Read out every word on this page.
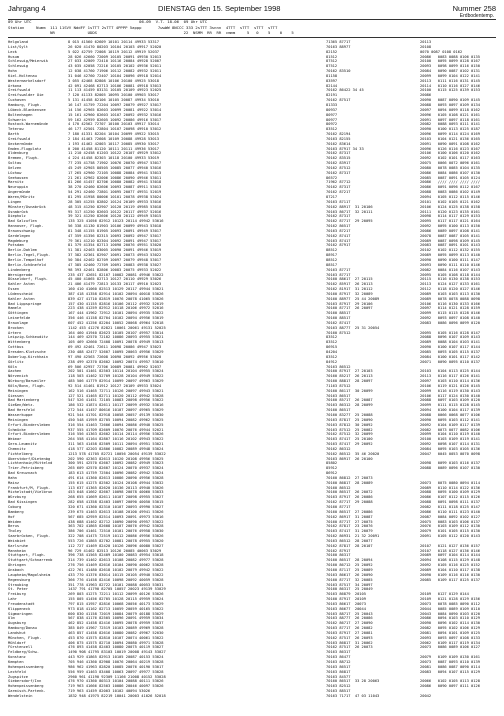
Jahrgang 4	DIENSTAG den 15. September 1998	Nummer 258
Erdbodentemp.

09 Uhr UTC                                              06-09  V.T. 18-06  09 Uhr UTC

Station     Numm  111 11SVV NddFF 1sTTT 2sTTT 4PPPP 5appp       7wwWW 8NCCC 333 2sTTT 3snnn  4TTT  sTTT  sTTT  sTTT

NR              UDDS                                     22  NSMM  RR  RR  cmmm     5   0    5    0    5

Helgoland	8 015 41560 62609 10101 20114 49933 53317	71365 87717	20113
List/Sylt	26 020 41470 80203 10104 20103 49917 52020	70163 88977	20108
Leck	5 022 42759 72008 10119 20112 49919 52037	82152	0070 0087 0108 0162
Husum	28 026 42660 72009 10105 20091 49930 52013	81512	20086   0083 0088 0106 0135
Schleswig/Meierwik	27 033 42009 72410 10116 20084 49928 52007	87512	20100   0095 0099 0128 0167
Schleswig	43 035 42058 72216 10105 20102 49936 52011	87512	20093   0098 0099 0116 0150
Hohn	12 038 41760 71906 10112 20082 49932 52011	70162 83510	20084   0090 0087 0102 0131
Kiel-Holtenau	31 046 42760 72407 10104 20096 49918 52014	81158	20099   0099 0104 0122 0141
Westermarkelsdorf	3 055 42468 82808 10106 20100 49925 53018	83597	20113   0111 0116 0131 0145
Arkona	42 091 42468 62713 10106 20081 49918 53013	82144	20114   0110 0116 0127 0146
Greifswald	11 113 41459 83131 10105 20109 49923 52025	70162 86422 34 45	20100   0115 0125 0139 0153
Greifswalder Oie	7 120 41133 82005 10095 20100 49903 53017	82191	20086
Cuxhaven	5 131 41458 82106 10105 20087 49934 53010	70162 87517	20090   0087 0090 0109 0145
Hamburg, Flugh.	16 147 41759 72204 10097 20079 49927 53017	81333	20088   0093 0097 0109 0134
Lübeck-Blankensee	14 156 42965 82603 10099 20081 49922 53014	80937	20097   0094 0099 0118 0162
Boltenhagen	15 161 42960 82603 10107 20092 49932 53016	80977	20096   0105 0108 0121 0161
Schwerin	59 162 42959 82605 10092 20086 49916 53017	80977	20091   0097 0097 0118 0161
Rostock-Warnemünde	4 170 42562 72707 10100 20103 49917 53014	80972	20082   0088 0093 0111 0141
Teterow	46 177 42501 72804 10107 20098 49910 53012	83512	20090   0100 0113 0125 0187
Barth	7 180 41331 82204 10104 20099 49922 53015	70162 82194	20096   0099 0114 0124 0169
Greifswald	2 184 41463 72608 10109 20088 49928 53013	70163 82155	20103   0104 0121 0136 0165
Ueckermünde	1 193 41462 42003 10117 20085 49930 53017	70162 83614	20091   0090 0091 0108 0162
Emden-Flugplatz	0 200 41458 81120 10111 20111 49936 53017	70163 87917 34 33	20096   0126 0116 0123 0167
Oldenburg	11 210 42458 61203 10122 20107 49929 53012	70162 87317	20106   0100 0106 0120 0162
Bremen, Flugh.	4 224 41458 82303 10118 20100 49933 53019	70162 83515	20092   0102 0101 0117 0163
Soltau	77 235 41758 71902 10076 20070 49947 53017	70162 83917	20075   0066 0072 0096 0161
Uelzen	45 249 42903 80505 10085 20077 49940 53016	70162 87512	20080   0078 0085 0104 0135
Lüchow	17 265 42960 72105 10088 20084 49941 53013	70162 87317	20086   0084 0086 0107 0130
Seehausen	21 261 42962 82006 10086 20090 49946 53011	86572	20085   0087 0091 0105 0124
Marnitz	81 266 41457 82706 10080 20082 49941 53018	71962 87712	20086   //// //// //// ////
Neuruppin	38 270 42460 82606 10093 20087 49911 53013	70162 87317	20086   0091 0096 0112 0167
Angermünde	54 291 42460 72801 10095 20077 49931 52019	70162 87217	20088   0083 0086 0102 0149
Waren/Müritz	81 295 41958 80006 10101 20078 49938 53024	87217	20094   0105 0112 0115 0146
Lingen	28 305 41255 82802 10124 20109 49933 53016	70163 87117	20101   0102 0105 0121 0162
Münster/Osnabrück	48 315 41250 82907 10120 20119 49985 53018	70162 88917  31 20106	20106   0124 0125 0138 0158
Osnabrück	95 317 41250 82603 10122 20117 49937 52016	70163 86717  32 20111	20111   0120 0123 0135 0161
Diepholz	39 321 41250 82606 10120 20112 49949 53015	70162 87317	20098   0114 0117 0129 0153
Bad Salzuflen	135 325 41056 82912 10123 20114 49942 53016	70162 87717  29 20095	20095   0117 0117 0121 0164
Hannover, Flugh.	56 338 41130 81903 10106 20099 49943 53018	70162 86517	20092   0095 0100 0113 0150
Braunschweig	81 348 41155 81905 10093 20091 49949 53017	70163 87217	20086   0089 0097 0108 0141
Gardelegen	47 359 41356 82315 10093 20092 49947 53017	70162 87417	20078   0087 0087 0105 0141
Magdeburg	79 361 41210 82304 10092 20091 49947 53017	70163 87417	20089   0087 0098 0109 0145
Potsdam	81 379 41354 82713 10090 20076 49951 53020	70162 87917	20083   0087 0091 0101 0143
Berlin-Dahlem	51 381 42463 83005 10090 20091 49946 53019	88512	20102   0102 0112 0132 0155
Berlin-Tegel,Flugh.	37 382 42361 82907 10091 20073 49943 53022	88917	20089   0095 0099 0113 0140
Berlin-Tempelhof	50 384 42462 82709 10097 20079 49948 53017	88512	20090   0090 0100 0111 0147
Berlin-Schönefeld	47 385 42460 72709 10091 20083 49938 53027	88517	20093   0090 0111 0110 0146
Lindenberg	98 393 42461 82806 10083 20075 49933 52022	70163 87717	20082   0084 0116 0107 0143
Wernigerode	235 437 42651 82107 10082 20081 49946 53022	70163 87717	20095   0105 0108 0118 0144
Düsseldorf, Flugh.	45 400 41065 82713 10127 20110 49929 53026	70160 88617  27 20115	20115   0116 0130 0138 0153
Kahler Asten	21 406 41479 72813 10133 20117 49910 52023	70162 85917  26 20113	20113   0124 0127 0133 0161
Essen	160 410 41060 82513 10129 20117 49944 53021	70162 81917  31 20112	20112   0118 0120 0127 0146
Lüdenscheid	387 418 41358 82914 10102 20094 40018 53026	70160 87917  32 20089	20089   0103 0103 0113 0130
Kahler Asten	839 427 41710 82819 10076 20078 41065 53026	70160 88977  25 44 20089	20089   0078 0078 0088 0098
Bad Lippspringe	157 430 41155 82816 10106 20112 49932 52019	70163 87917  29 20106	20106   0116 0130 0133 0166
Hameln	223 438 41259 82912 10118 20106 49972 52016	70160 87717  26 20097	20097   0114 0121 0128 0159
Göttingen	167 444 41962 72912 10101 20094 49935 53022	70160 88517	20099   0115 0115 0128 0146
Leinefelde	356 446 41158 82704 10102 20094 49956 53019	70160 88517	20092   0093 0097 0108 0140
Braunlage	607 452 41256 82204 10052 20068 49964 52018	70162 87417	20083   0086 0096 0099 0120
Brocken	1142 453 41276 82821 10061 20061 49131 52025	70163 88777  25 31 20054
Artern	164 460 41940 82623 10105 20107 49957 53014	70160 87512	20095   0105 0116 0128 0147
Leipzig-Schkeuditz	144 469 42570 72102 10086 20093 49955 53021	83512	20088   0096 0107 0109 0143
Wittenberg	105 469 42660 72408 10091 20078 49949 53013	83512	20089   0088 0104 0103 0141
Cottbus	69 492 42461 72611 10098 20086 49947 53023	86915	20090   0100 0107 0117 0144
Dresden-Klotzsche	230 488 42477 52607 10095 20063 49956 53029	84204	20085   0093 0105 0115 0137
Doberlug-Kirchhain	97 490 42563 72608 10090 20092 49956 53020	83512	20084   0100 0101 0117 0142
Görlitz	238 499 42370 82602 10092 20074 49957 53010	84912	20071   0090 0095 0110 0137
Köln	69 506 42957 72706 10089 20081 49962 52037	70163 86512
Aachen	202 501 41461 82503 10114 20104 49955 53024	70160 87917  27 20103	20103   0104 0113 0125 0144
Nörvenich	118 503 41462 52709 10128 20104 49949 53022	70160 85217  26 20113	20113   0116 0117 0126 0141
Nürburg/Barweiler	485 506 41779 82914 10099 20097 49963 53029	70160 88817  28 20097	20097   0103 0110 0114 0136
Köln/Bonn, Flugh.	92 514 41461 81912 10127 20109 49933 53024	71163 87512	20106   0119 0121 0126 0145
Meiningen	162 516 41465 72711 10126 20097 49943 53021	70160 86117  30 20099	20099   0116 0119 0130 0143
Giessen	127 521 41465 82711 10120 20112 49942 53028	70163 86517	20106   0117 0124 0130 0140
Bad Marienberg	547 526 41451 72105 10083 20098 49956 53022	70160 85717  26 20087	20088   0097 0103 0109 0120
Gießen/Wetz.	186 532 41874 82611 10117 20099 49932 53016	70163 86312  28 20099	20099   0111 0115 0128 0145
Bad Hersfeld	272 544 41457 80616 10107 20097 49965 53029	70160 86517	20094   0100 0104 0117 0139
Wasserkuppe	921 544 41701 82918 10058 20057 49139 53030	70160 83277  25 20088	20088   0066 0068 0077 0106
Meiningen	450 548 41959 82705 10094 20082 49962 53025	70163 87817  25 20090	20090   0095 0103 0112 0141
Erfurt-Bindersleben	316 554 41463 72606 10094 20086 49940 53025	70163 87812  30 20092	20092   0104 0109 0117 0139
Schmücke	937 555 41709 82609 10076 20076 49944 52021	70163 87512  25 20082	20082   0073 0077 0082 0106
Erfurt-Bindersleben	316 556 41363 82602 10114 20114 49956 53026	70162 87512  32 20099	20099   0104 0110 0119 0140
Weimar	264 558 41164 82807 10116 20102 49943 53022	70163 87417  25 20100	20100   0103 0109 0119 0141
Gera-Leumnitz	311 563 41458 82509 10111 20094 49951 53021	70163 87417  29 20092	20092   0098 0107 0114 0131
Chemnitz	418 577 42203 82806 10082 20089 49948 53024	70162 86312	20084   0095 0103 0105 0136
Fichtelberg	1213 578 41705 82721 10056 20054 49139 53022	70162 86512  35 46 20020	20047   0045 0053 0070 0098
Oberstdorf/Dietenbg	202 590 42363 82613 10120 20108 49956 53025	70163 86917  26 20100
Lichtenhain/Mittelnd	300 591 42570 62607 10092 20082 49949 53023	85802	20098   0099 0103 0116 0137
Trier-Petrisberg	265 609 42570 82607 10124 20070 49937 53024	85912	20088   0089 0096 0107 0130
Bad Kreuznach	183 613 41759 72504 10096 20082 49942 53024	86912
Hahn	491 614 41360 82613 10086 20090 49956 53028	70160 86812  27 20073
Mainz	155 615 41275 82502 10124 20108 49944 53032	70160 86817  28 20089	20073   0075 0080 0094 0114
Frankfurt/M, Flugh.	113 637 41365 82620 10136 20113 49940 53026	70160 86512	20089   0110 0114 0122 0136
Michelstadt/Vielbrun	453 648 41662 82607 10098 20078 40060 53033	70160 86517  26 20072	20088   0095 0100 0109 0129
Würzburg	268 655 41669 82611 10107 20098 49955 53027	70163 87917  26 20086	20086   0107 0112 0115 0126
Bad Kissingen	282 658 41358 82403 10097 20090 40050 53015	70162 87717  29 20088	20088   0091 0098 0111 0137
Coburg	320 671 41360 82310 10107 20093 49990 53027	70160 87717	20082   0111 0118 0125 0147
Bamberg	239 675 41463 82613 10108 20100 49941 53026	70160 86517  27 20086	20086   0110 0111 0123 0140
Hof	567 685 42959 82514 10093 20091 49973 53016	70162 86917  31 20087	20087   0084 0092 0102 0127
Weiden	438 688 41462 82712 10090 20090 49957 53022	70160 87717  27 20075	20075   0083 0103 0106 0137
Berus	363 702 41865 82608 10107 20076 49942 53028	70162 87817  23 20076	20076   0103 0109 0112 0130
Tholey	386 706 41461 72510 10101 20076 49958 53030	70163 87417  31 20079	20079   0101 0105 0115 0130
Saarbrücken, Flugh.	322 708 41475 72519 10112 20086 49956 53026	70162 86931  21 32 20091	20091   0105 0112 0120 0143
Weinbiet	553 726 41865 82702 10081 20078 49955 53020	70163 86512  28 20077
Karlsruhe	112 727 41469 82420 10126 20096 40080 53027	70162 87817  28 20107	20107   0121 0127 0136 0157
Mannheim	96 729 41462 82513 10126 20085 40063 53029	70162 87917	20107   0118 0127 0136 0146
Stuttgart, Flugh.	396 738 41565 82409 10100 20083 49954 53018	70160 86317	20089   0097 0104 0114 0144
Stuttgart/Schnarrenb	314 739 41462 82613 10108 20082 49977 53028	70160 86517  28 20094	20094   0108 0115 0129 0148
Öhringen	276 756 41469 82616 10104 20090 40062 53028	70160 86712  25 20092	20092   0105 0116 0125 0152
Ansbach	422 761 41480 82618 10102 20079 49942 53022	70160 87117  25 20089	20089   0104 0110 0117 0138
Laupheim/Magolsheim	433 770 41376 83014 10115 20105 49940 53022	70163 86617  26 20090	20090   0109 0116 0116 0130
Regensburg	366 776 41458 82416 10098 20092 40059 53028	70160 87717  32 20085	20085   0109 0117 0125 0137
Straubing	351 778 41963 82722 10101 20088 40053 53031	70163 87517  34 20097
St. Peter	1437 791 41790 82705 10057 20023 49139 53029	70160 86317  25 20049
Freiburg	269 803 41275 72211 10112 20099 40126 53026	70163 86879  20105	20109   0127 0129 0144
Lahr	155 805 41456 82705 10128 20115 49959 53024	70160 87917  20109	20109   0121 0128 0129 0156
Freudenstadt	797 815 41957 82816 10068 20056 40173 53029	70163 86617  20073	20073   0078 0085 0090 0112
Klippeneck	973 818 41162 82713 10059 20059 40165 53022	70163 86677  20044	20044   0085 0089 0109 0110
Sigmaringen	600 830 41158 72019 10084 20079 40188 53029	70163 88717  25 20043	20043   0084 0090 0103 0120
Ulm	567 838 41176 82505 10096 20091 49959 53034	70163 88777  26 20086	20086   0094 0103 0110 0129
Augsburg	462 852 41458 82416 10095 20078 49959 53037	70162 86717  27 20090	20090   0096 0102 0114 0130
Hamburg/Donau	385 849 41967 72519 10103 20089 49969 53028	70163 87717  26 20082	20082   0095 0102 0106 0129
Landshut	463 857 41458 82616 10080 20082 49967 52030	70163 87917  27 20081	20081   0094 0101 0109 0125
München, Flugh.	453 870 41575 82810 10107 20074 40061 53022	70162 87517  26 20093	20093   0093 0097 0108 0133
Mühldorf	406 875 41575 82710 10094 20080 49971 53028	70163 86817  31 20062	20062   0109 0117 0119 0134
Fürstenzell	476 893 41458 82403 10080 20075 40119 53027	70162 87517  26 20073	20073   0086 0089 0106 0127
Feldberg/Schw.	1490 908 41795 83103 10019 20008 49143 53027	70163 86317
Konstanz	443 929 41865 82913 10105 20087 40153 53024	70163 86477	20079   0109 0109 0130 0161
Kempten	705 946 41360 82908 10076 20064 40219 53028	70163 88712	20073   0087 0093 0110 0139
Hohenpeissenberg	986 962 41963 82820 10085 20076 40190 53017	70163 86517	20081   0086 0087 0090 0114
Lechfeld	556 959 41463 83408 10063 20097 49977 53028	70163 86817	20083   0094 0107 0115 0129
Zugspitze	2960 961 41190 92309 11166 21008 40152 53028	70163 84577
Siebersdorf/Inn	476 970 41360 80313 10104 20088 40111 53026	70160 86517  33 28 20063	20066   0102 0105 0113 0128
Hohenpeissenberg	719 963 41666 82503 10086 20046 40097 53026	70163 82512	20086   0090 0097 0111 0126
Garmisch-Partenk.	719 963 41459 82003 10102 40094 53026	70163 88517
Wendelstein	1832 948 41975 82219 10041 20003 41026 52018	70163 71717  47 03 11043	20042
